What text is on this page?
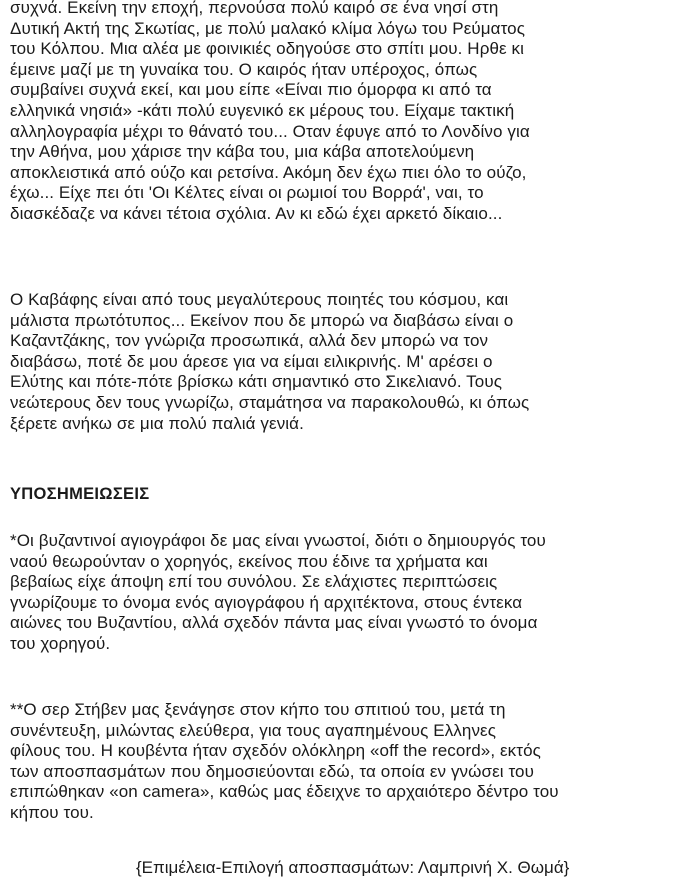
συχνά. Εκείνη την εποχή, περνούσα πολύ καιρό σε ένα νησί στη
Δυτική Ακτή της Σκωτίας, με πολύ μαλακό κλίμα λόγω του Ρεύματος
του Κόλπου. Μια αλέα με φοινικιές οδηγούσε στο σπίτι μου. Ηρθε κι
έμεινε μαζί με τη γυναίκα του. Ο καιρός ήταν υπέροχος, όπως
συμβαίνει συχνά εκεί, και μου είπε «Είναι πιο όμορφα κι από τα
ελληνικά νησιά» -κάτι πολύ ευγενικό εκ μέρους του. Είχαμε τακτική
αλληλογραφία μέχρι το θάνατό του... Οταν έφυγε από το Λονδίνο για
την Αθήνα, μου χάρισε την κάβα του, μια κάβα αποτελούμενη
αποκλειστικά από ούζο και ρετσίνα. Ακόμη δεν έχω πιει όλο το ούζο,
έχω... Είχε πει ότι 'Οι Κέλτες είναι οι ρωμιοί του Βορρά', ναι, το
διασκέδαζε να κάνει τέτοια σχόλια. Αν κι εδώ έχει αρκετό δίκαιο...
Ο Καβάφης είναι από τους μεγαλύτερους ποιητές του κόσμου, και
μάλιστα πρωτότυπος... Εκείνον που δε μπορώ να διαβάσω είναι ο
Καζαντζάκης, τον γνώριζα προσωπικά, αλλά δεν μπορώ να τον
διαβάσω, ποτέ δε μου άρεσε για να είμαι ειλικρινής. Μ' αρέσει ο
Ελύτης και πότε-πότε βρίσκω κάτι σημαντικό στο Σικελιανό. Τους
νεώτερους δεν τους γνωρίζω, σταμάτησα να παρακολουθώ, κι όπως
ξέρετε ανήκω σε μια πολύ παλιά γενιά.
ΥΠΟΣΗΜΕΙΩΣΕΙΣ
*Οι βυζαντινοί αγιογράφοι δε μας είναι γνωστοί, διότι ο δημιουργός του
ναού θεωρούνταν ο χορηγός, εκείνος που έδινε τα χρήματα και
βεβαίως είχε άποψη επί του συνόλου. Σε ελάχιστες περιπτώσεις
γνωρίζουμε το όνομα ενός αγιογράφου ή αρχιτέκτονα, στους έντεκα
αιώνες του Βυζαντίου, αλλά σχεδόν πάντα μας είναι γνωστό το όνομα
του χορηγού.
**Ο σερ Στήβεν μας ξενάγησε στον κήπο του σπιτιού του, μετά τη
συνέντευξη, μιλώντας ελεύθερα, για τους αγαπημένους Ελληνες
φίλους του. Η κουβέντα ήταν σχεδόν ολόκληρη «off the record», εκτός
των αποσπασμάτων που δημοσιεύονται εδώ, τα οποία εν γνώσει του
επιπώθηκαν «on camera», καθώς μας έδειχνε το αρχαιότερο δέντρο του
κήπου του.
{Επιμέλεια-Επιλογή αποσπασμάτων: Λαμπρινή Χ. Θωμά}
